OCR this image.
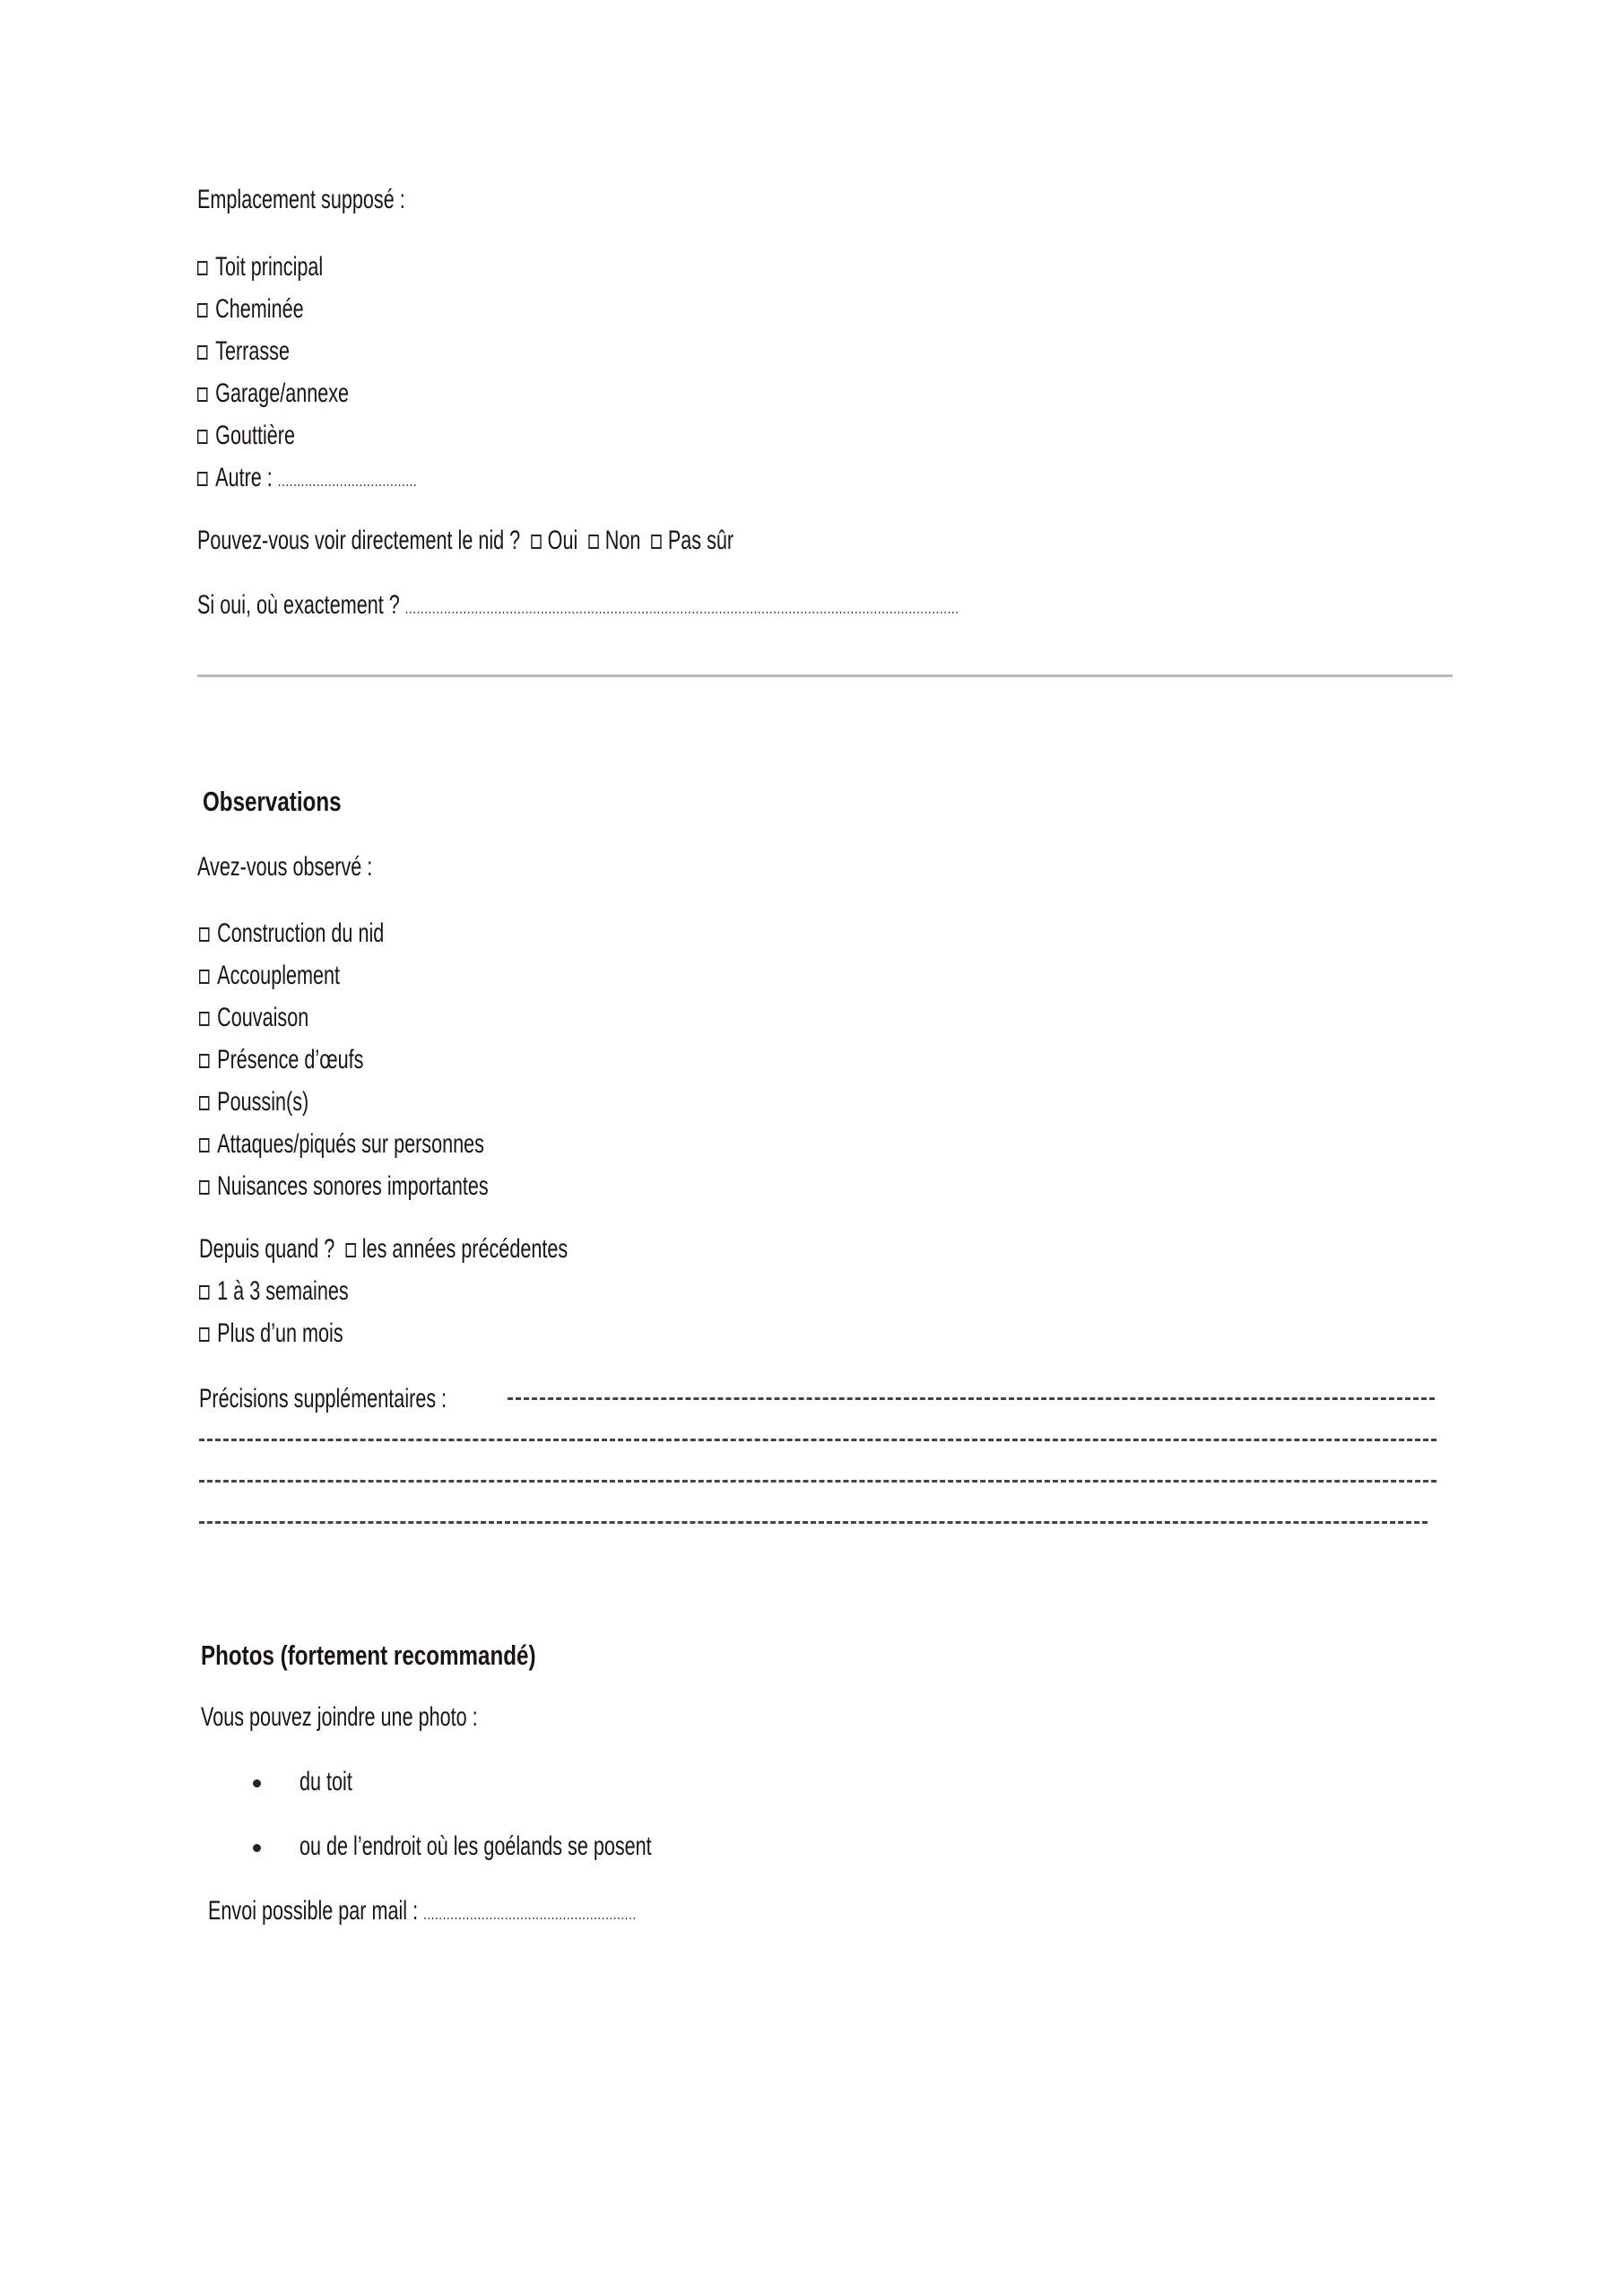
Emplacement supposé :
Toit principal
Cheminée
Terrasse
Garage/annexe
Gouttière
Autre : ....................................
Pouvez-vous voir directement le nid ? Oui Non Pas sûr
Si oui, où exactement ? ...............................................................................................................................................
Observations
Avez-vous observé :
Construction du nid
Accouplement
Couvaison
Présence d’œufs
Poussin(s)
Attaques/piqués sur personnes
Nuisances sonores importantes
Depuis quand ? les années précédentes
1 à 3 semaines
Plus d’un mois
Précisions supplémentaires :
Photos (fortement recommandé)
Vous pouvez joindre une photo :
du toit
ou de l’endroit où les goélands se posent
Envoi possible par mail : .......................................................
